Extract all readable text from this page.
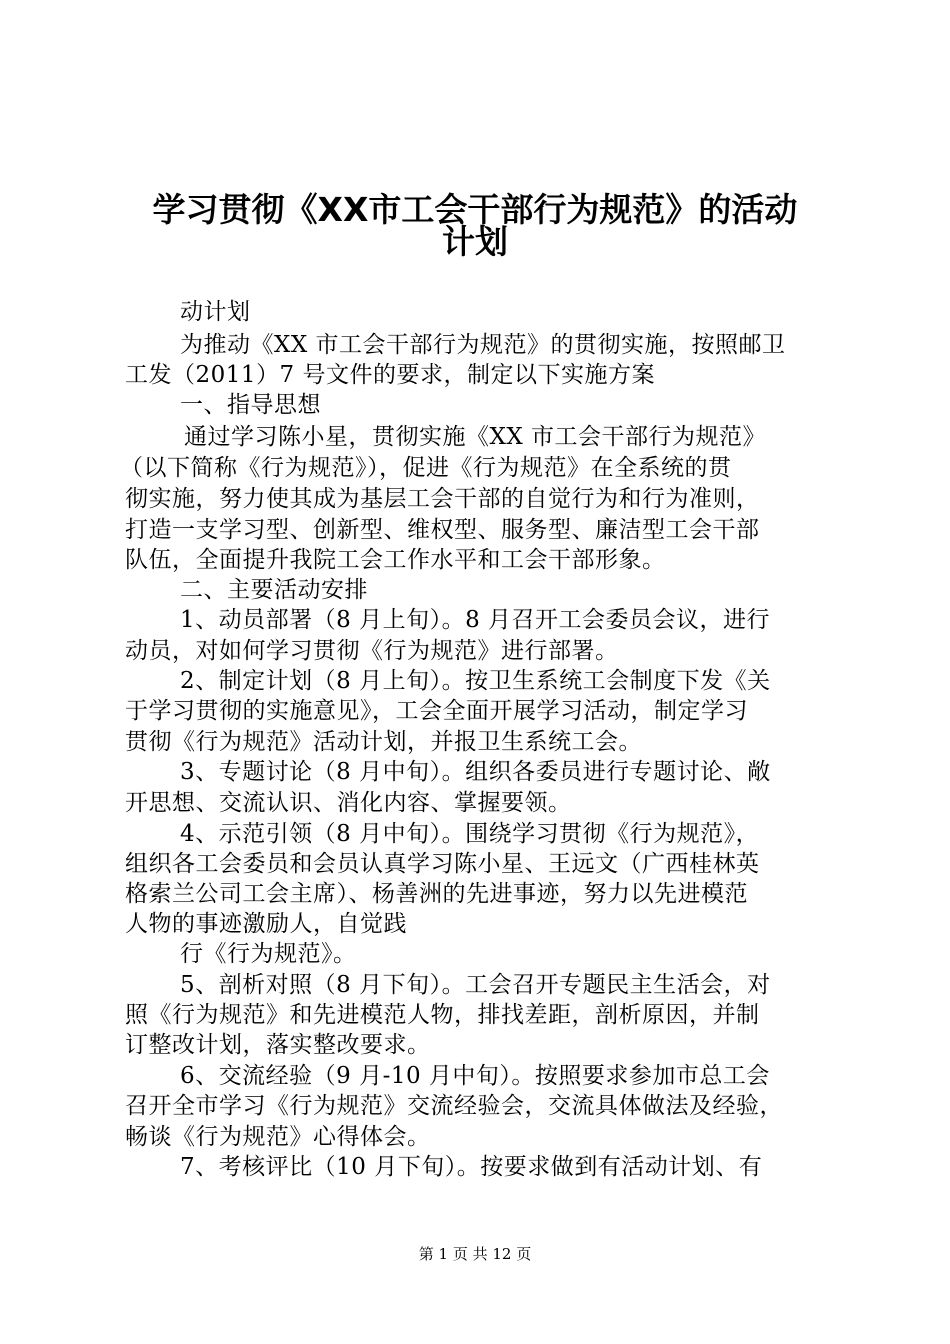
学习贯彻《XX市工会干部行为规范》的活动
计划
动计划
为推动《XX 市工会干部行为规范》的贯彻实施，按照邮卫
工发（2011）7 号文件的要求，制定以下实施方案
一、指导思想
通过学习陈小星，贯彻实施《XX 市工会干部行为规范》
（以下简称《行为规范》），促进《行为规范》在全系统的贯
彻实施，努力使其成为基层工会干部的自觉行为和行为准则，
打造一支学习型、创新型、维权型、服务型、廉洁型工会干部
队伍，全面提升我院工会工作水平和工会干部形象。
二、主要活动安排
1、动员部署（8 月上旬）。8 月召开工会委员会议，进行
动员，对如何学习贯彻《行为规范》进行部署。
2、制定计划（8 月上旬）。按卫生系统工会制度下发《关
于学习贯彻的实施意见》，工会全面开展学习活动，制定学习
贯彻《行为规范》活动计划，并报卫生系统工会。
3、专题讨论（8 月中旬）。组织各委员进行专题讨论、敞
开思想、交流认识、消化内容、掌握要领。
4、示范引领（8 月中旬）。围绕学习贯彻《行为规范》，
组织各工会委员和会员认真学习陈小星、王远文（广西桂林英
格索兰公司工会主席）、杨善洲的先进事迹，努力以先进模范
人物的事迹激励人，自觉践
行《行为规范》。
5、剖析对照（8 月下旬）。工会召开专题民主生活会，对
照《行为规范》和先进模范人物，排找差距，剖析原因，并制
订整改计划，落实整改要求。
6、交流经验（9 月-10 月中旬）。按照要求参加市总工会
召开全市学习《行为规范》交流经验会，交流具体做法及经验，
畅谈《行为规范》心得体会。
7、考核评比（10 月下旬）。按要求做到有活动计划、有
第 1 页 共 12 页
